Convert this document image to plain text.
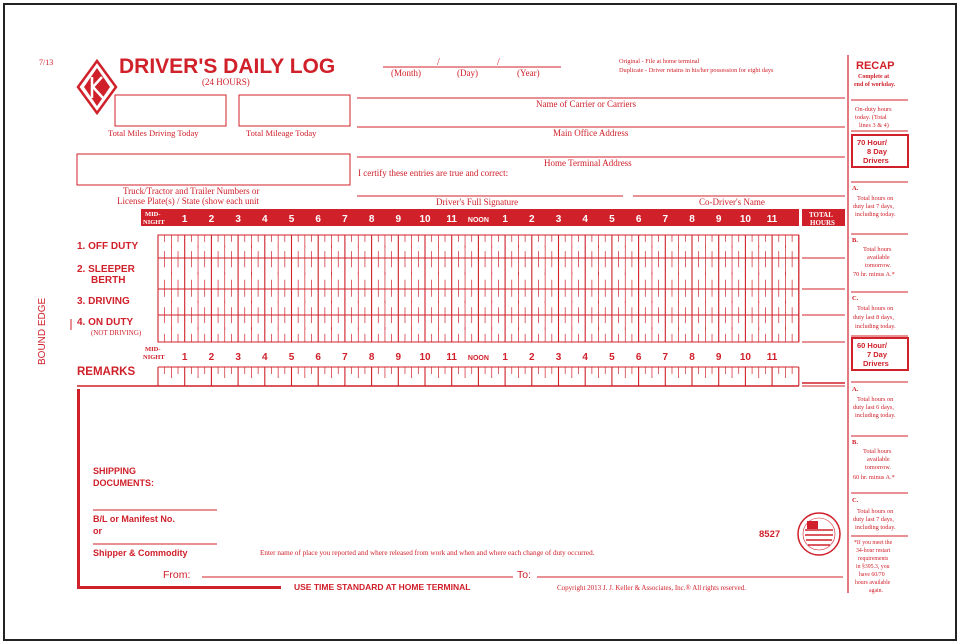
7/13	DRIVER'S DAILY LOG
(24 HOURS)
/	/
(Month)	(Day)	(Year)
Original - File at home terminal
Duplicate - Driver retains in his/her possession for eight days
Total Miles Driving Today	Total Mileage Today
Name of Carrier or Carriers
Main Office Address
Home Terminal Address
I certify these entries are true and correct:
Truck/Tractor and Trailer Numbers or
License Plate(s) / State (show each unit	Driver's Full Signature	Co-Driver's Name
MID-
NIGHT
TOTAL
HOURS
1 2 3 4 5 6 7 8 9 10 11 NOON 1 2 3 4 5 6 7 8 9 10 11
1. OFF DUTY
2. SLEEPER
BERTH
3. DRIVING
4. ON DUTY
(NOT DRIVING)
MID-
NIGHT 1 2 3 4 5 6 7 8 9 10 11 NOON 1 2 3 4 5 6 7 8 9 10 11
REMARKS
SHIPPING
DOCUMENTS:
B/L or Manifest No.
or
Shipper & Commodity	Enter name of place you reported and where released from work and when and where each change of duty occurred.
From:	To:
USE TIME STANDARD AT HOME TERMINAL	Copyright 2013 J. J. Keller & Associates, Inc.® All rights reserved.
8527
BOUND EDGE
RECAP
Complete at
end of workday.
On-duty hours
today. (Total
lines 3 & 4)
70 Hour/
8 Day
Drivers
A.
Total hours on
duty last 7 days,
including today.
B.
Total hours
available
tomorrow.
70 hr. minus A.*
C.
Total hours on
duty last 8 days,
including today.
60 Hour/
7 Day
Drivers
A.
Total hours on
duty last 6 days,
including today.
B.
Total hours
available
tomorrow.
60 hr. minus A.*
C.
Total hours on
duty last 7 days,
including today.
*If you meet the
34-hour restart
requirements
in §395.3, you
have 60/70
hours available
again.
